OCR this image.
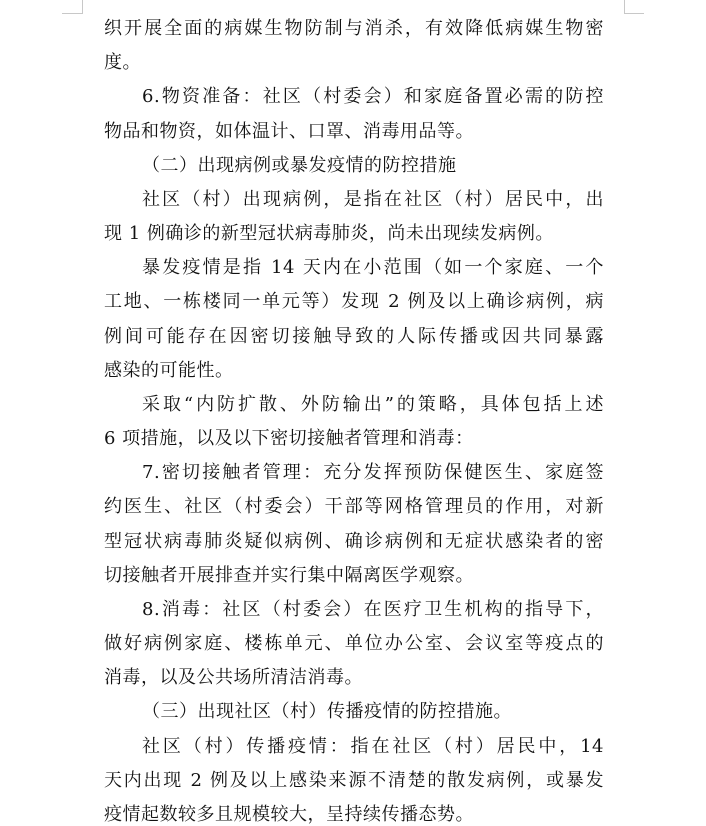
织开展全面的病媒生物防制与消杀，有效降低病媒生物密
度。
6.物资准备：社区（村委会）和家庭备置必需的防控
物品和物资，如体温计、口罩、消毒用品等。
（二）出现病例或暴发疫情的防控措施
社区（村）出现病例，是指在社区（村）居民中，出
现 1 例确诊的新型冠状病毒肺炎，尚未出现续发病例。
暴发疫情是指 14 天内在小范围（如一个家庭、一个
工地、一栋楼同一单元等）发现 2 例及以上确诊病例，病
例间可能存在因密切接触导致的人际传播或因共同暴露
感染的可能性。
采取“内防扩散、外防输出”的策略，具体包括上述
6 项措施，以及以下密切接触者管理和消毒：
7.密切接触者管理：充分发挥预防保健医生、家庭签
约医生、社区（村委会）干部等网格管理员的作用，对新
型冠状病毒肺炎疑似病例、确诊病例和无症状感染者的密
切接触者开展排查并实行集中隔离医学观察。
8.消毒：社区（村委会）在医疗卫生机构的指导下，
做好病例家庭、楼栋单元、单位办公室、会议室等疫点的
消毒，以及公共场所清洁消毒。
（三）出现社区（村）传播疫情的防控措施。
社区（村）传播疫情：指在社区（村）居民中，14
天内出现 2 例及以上感染来源不清楚的散发病例，或暴发
疫情起数较多且规模较大，呈持续传播态势。
